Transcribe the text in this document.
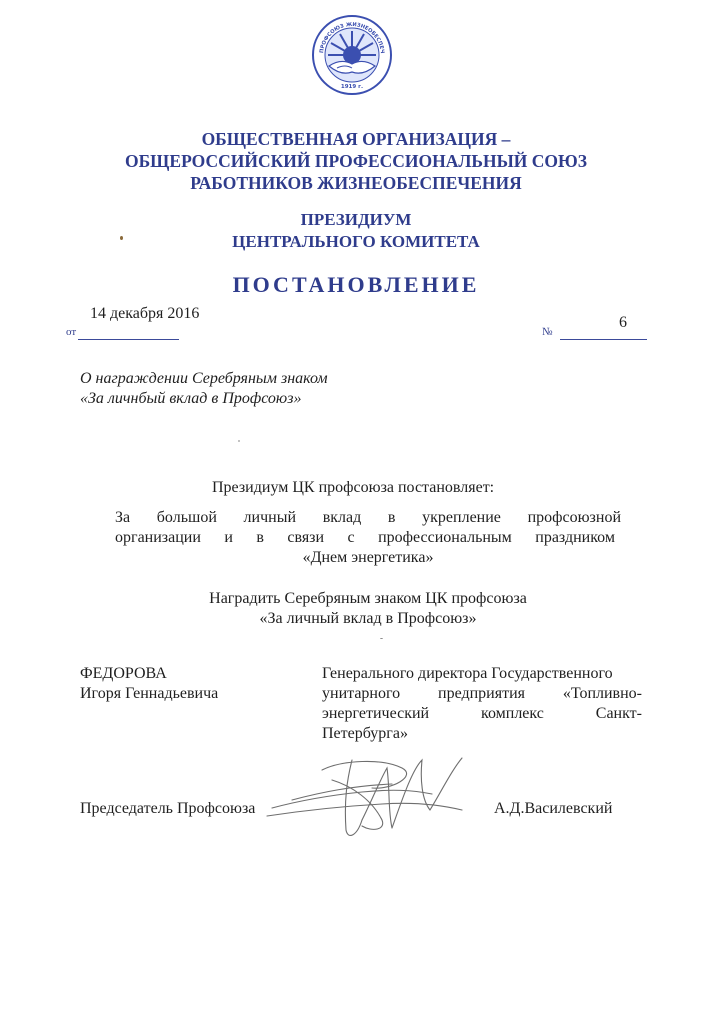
ПРОФСОЮЗ ЖИЗНЕОБЕСПЕЧ
1919 г.
ОБЩЕСТВЕННАЯ ОРГАНИЗАЦИЯ –
ОБЩЕРОССИЙСКИЙ ПРОФЕССИОНАЛЬНЫЙ СОЮЗ
РАБОТНИКОВ ЖИЗНЕОБЕСПЕЧЕНИЯ
ПРЕЗИДИУМ
ЦЕНТРАЛЬНОГО КОМИТЕТА
ПОСТАНОВЛЕНИЕ
14 декабря 2016
от	№
6
О награждении Серебряным знаком
«За личнбый вклад в Профсоюз»
Президиум ЦК профсоюза постановляет:
За большой личный вклад в укрепление профсоюзной
организации и в связи с профессиональным праздником
«Днем энергетика»
Наградить Серебряным знаком ЦК профсоюза
«За личный вклад в Профсоюз»
ФЕДОРОВА
Игоря Геннадьевича
Генерального директора Государственного
унитарного предприятия «Топливно-
энергетический комплекс Санкт-
Петербурга»
Председатель Профсоюза	А.Д.Василевский
